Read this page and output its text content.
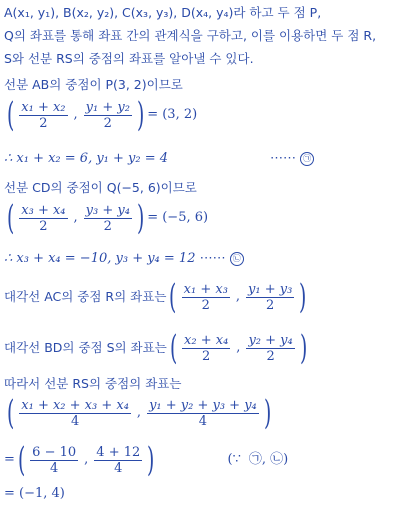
A(x₁, y₁), B(x₂, y₂), C(x₃, y₃), D(x₄, y₄)라 하고 두 점 P,
Q의 좌표를 통해 좌표 간의 관계식을 구하고, 이를 이용하면 두 점 R,
S와 선분 RS의 중점의 좌표를 알아낼 수 있다.
선분 AB의 중점이 P(3, 2)이므로
( $\frac{\text{x₁ + x₂}}{2}$ , $\frac{\text{y₁ + y₂}}{2}$ ) = (3, 2)
∴ x₁ + x₂ = 6, y₁ + y₂ = 4	⋯⋯ ㉠
선분 CD의 중점이 Q(−5, 6)이므로
( $\frac{\text{x₃ + x₄}}{2}$ , $\frac{\text{y₃ + y₄}}{2}$ ) = (−5, 6)
∴ x₃ + x₄ = −10, y₃ + y₄ = 12 ⋯⋯ ㉡
대각선 AC의 중점 R의 좌표는 ( $\frac{\text{x₁ + x₃}}{2}$ , $\frac{\text{y₁ + y₃}}{2}$ )
대각선 BD의 중점 S의 좌표는 ( $\frac{\text{x₂ + x₄}}{2}$ , $\frac{\text{y₂ + y₄}}{2}$ )
따라서 선분 RS의 중점의 좌표는
( $\frac{\text{x₁ + x₂ + x₃ + x₄}}{4}$ , $\frac{\text{y₁ + y₂ + y₃ + y₄}}{4}$ )
= ( $\frac{6 - 10}{4}$ , $\frac{4 + 12}{4}$ )	(∵ ㉠, ㉡)
= (−1, 4)
